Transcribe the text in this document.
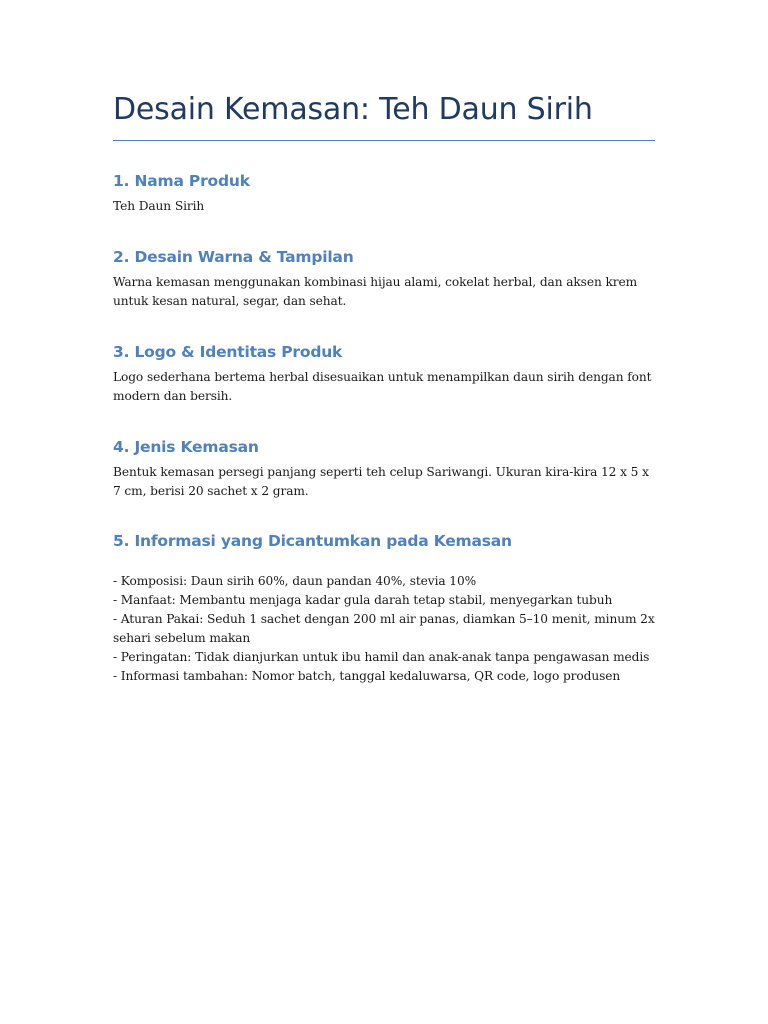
Desain Kemasan: Teh Daun Sirih
1. Nama Produk

Teh Daun Sirih

2. Desain Warna & Tampilan

Warna kemasan menggunakan kombinasi hijau alami, cokelat herbal, dan aksen krem untuk kesan natural, segar, dan sehat.

3. Logo & Identitas Produk

Logo sederhana bertema herbal disesuaikan untuk menampilkan daun sirih dengan font modern dan bersih.

4. Jenis Kemasan

Bentuk kemasan persegi panjang seperti teh celup Sariwangi. Ukuran kira-kira 12 x 5 x 7 cm, berisi 20 sachet x 2 gram.

5. Informasi yang Dicantumkan pada Kemasan
- Komposisi: Daun sirih 60%, daun pandan 40%, stevia 10%
- Manfaat: Membantu menjaga kadar gula darah tetap stabil, menyegarkan tubuh
- Aturan Pakai: Seduh 1 sachet dengan 200 ml air panas, diamkan 5–10 menit, minum 2x sehari sebelum makan
- Peringatan: Tidak dianjurkan untuk ibu hamil dan anak-anak tanpa pengawasan medis
- Informasi tambahan: Nomor batch, tanggal kedaluwarsa, QR code, logo produsen
